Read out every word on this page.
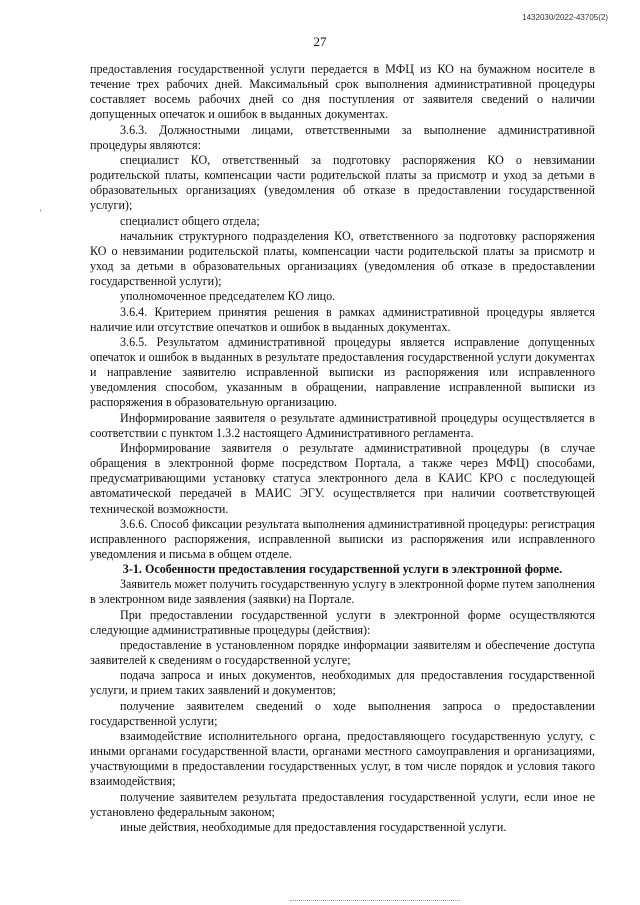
1432030/2022-43705(2)
27
'

предоставления государственной услуги передается в МФЦ из КО на бумажном носителе в течение трех рабочих дней. Максимальный срок выполнения административной процедуры составляет восемь рабочих дней со дня поступления от заявителя сведений о наличии допущенных опечаток и ошибок в выданных документах.

3.6.3. Должностными лицами, ответственными за выполнение административной процедуры являются:

специалист КО, ответственный за подготовку распоряжения КО о невзимании родительской платы, компенсации части родительской платы за присмотр и уход за детьми в образовательных организациях (уведомления об отказе в предоставлении государственной услуги);

специалист общего отдела;

начальник структурного подразделения КО, ответственного за подготовку распоряжения КО о невзимании родительской платы, компенсации части родительской платы за присмотр и уход за детьми в образовательных организациях (уведомления об отказе в предоставлении государственной услуги);

уполномоченное председателем КО лицо.

3.6.4. Критерием принятия решения в рамках административной процедуры является наличие или отсутствие опечатков и ошибок в выданных документах.

3.6.5. Результатом административной процедуры является исправление допущенных опечаток и ошибок в выданных в результате предоставления государственной услуги документах и направление заявителю исправленной выписки из распоряжения или исправленного уведомления способом, указанным в обращении, направление исправленной выписки из распоряжения в образовательную организацию.

Информирование заявителя о результате административной процедуры осуществляется в соответствии с пунктом 1.3.2 настоящего Административного регламента.

Информирование заявителя о результате административной процедуры (в случае обращения в электронной форме посредством Портала, а также через МФЦ) способами, предусматривающими установку статуса электронного дела в КАИС КРО с последующей автоматической передачей в МАИС ЭГУ. осуществляется при наличии соответствующей технической возможности.

3.6.6. Способ фиксации результата выполнения административной процедуры: регистрация исправленного распоряжения, исправленной выписки из распоряжения или исправленного уведомления и письма в общем отделе.

3-1. Особенности предоставления государственной услуги в электронной форме.

Заявитель может получить государственную услугу в электронной форме путем заполнения в электронном виде заявления (заявки) на Портале.

При предоставлении государственной услуги в электронной форме осуществляются следующие административные процедуры (действия):

предоставление в установленном порядке информации заявителям и обеспечение доступа заявителей к сведениям о государственной услуге;

подача запроса и иных документов, необходимых для предоставления государственной услуги, и прием таких заявлений и документов;

получение заявителем сведений о ходе выполнения запроса о предоставлении государственной услуги;

взаимодействие исполнительного органа, предоставляющего государственную услугу, с иными органами государственной власти, органами местного самоуправления и организациями, участвующими в предоставлении государственных услуг, в том числе порядок и условия такого взаимодействия;

получение заявителем результата предоставления государственной услуги, если иное не установлено федеральным законом;

иные действия, необходимые для предоставления государственной услуги.
